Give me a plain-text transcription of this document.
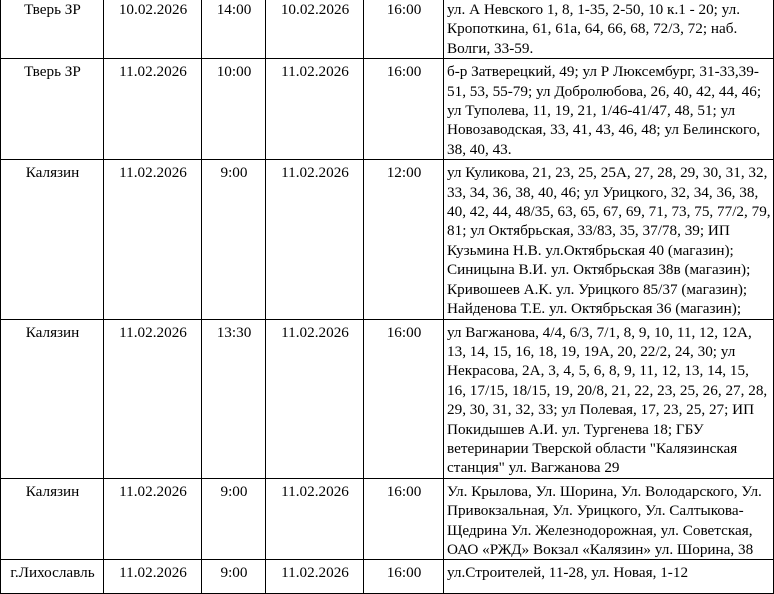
Тверь ЗР	10.02.2026	14:00	10.02.2026	16:00	ул. А Невского 1, 8, 1-35, 2-50, 10 к.1 - 20; ул. Кропоткина, 61, 61а, 64, 66, 68, 72/3, 72; наб. Волги, 33-59.
Тверь ЗР	11.02.2026	10:00	11.02.2026	16:00	б-р Затверецкий, 49; ул Р Люксембург, 31-33,39-51, 53, 55-79; ул Добролюбова, 26, 40, 42, 44, 46; ул Туполева, 11, 19, 21, 1/46-41/47, 48, 51; ул Новозаводская, 33, 41, 43, 46, 48; ул Белинского, 38, 40, 43.
Калязин	11.02.2026	9:00	11.02.2026	12:00	ул Куликова, 21, 23, 25, 25А, 27, 28, 29, 30, 31, 32, 33, 34, 36, 38, 40, 46; ул Урицкого, 32, 34, 36, 38, 40, 42, 44, 48/35, 63, 65, 67, 69, 71, 73, 75, 77/2, 79, 81; ул Октябрьская, 33/83, 35, 37/78, 39; ИП Кузьмина Н.В. ул.Октябрьская 40 (магазин); Синицына В.И. ул. Октябрьская 38в (магазин); Кривошеев А.К. ул. Урицкого 85/37 (магазин); Найденова Т.Е. ул. Октябрьская 36 (магазин);
Калязин	11.02.2026	13:30	11.02.2026	16:00	ул Вагжанова, 4/4, 6/3, 7/1, 8, 9, 10, 11, 12, 12А, 13, 14, 15, 16, 18, 19, 19А, 20, 22/2, 24, 30; ул Некрасова, 2А, 3, 4, 5, 6, 8, 9, 11, 12, 13, 14, 15, 16, 17/15, 18/15, 19, 20/8, 21, 22, 23, 25, 26, 27, 28, 29, 30, 31, 32, 33; ул Полевая, 17, 23, 25, 27; ИП Покидышев А.И. ул. Тургенева 18; ГБУ ветеринарии Тверской области "Калязинская станция" ул. Вагжанова 29
Калязин	11.02.2026	9:00	11.02.2026	16:00	Ул. Крылова, Ул. Шорина, Ул. Володарского, Ул. Привокзальная, Ул. Урицкого, Ул. Салтыкова-Щедрина Ул. Железнодорожная, ул. Советская, ОАО «РЖД» Вокзал «Калязин» ул. Шорина, 38
г.Лихославль	11.02.2026	9:00	11.02.2026	16:00	ул.Строителей, 11-28, ул. Новая, 1-12
